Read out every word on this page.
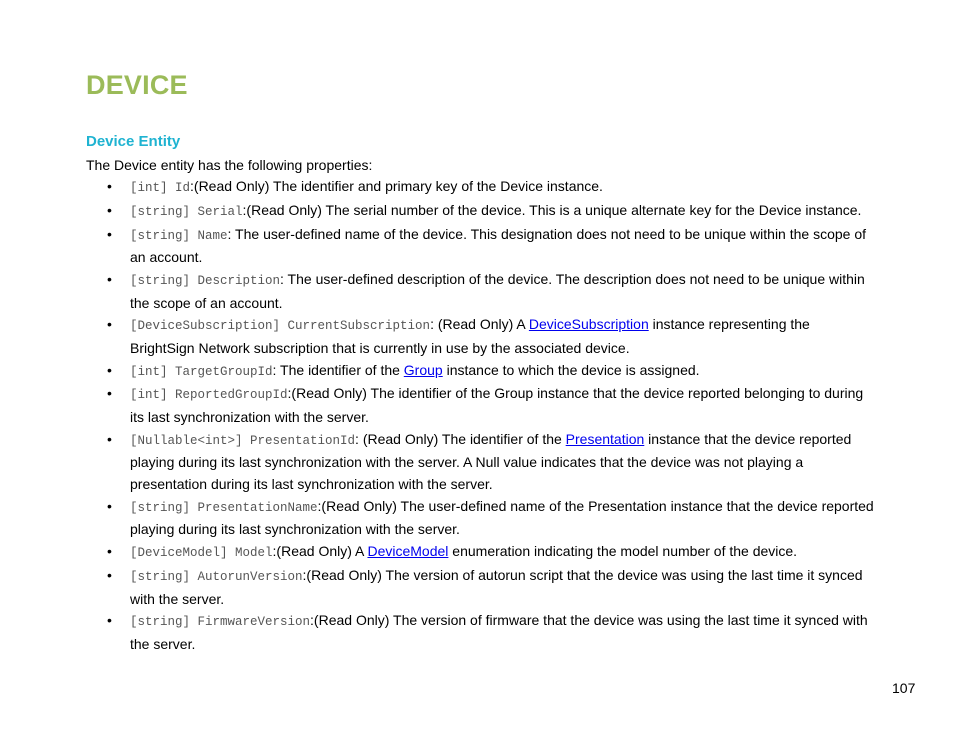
DEVICE
Device Entity

The Device entity has the following properties:

• [int] Id:(Read Only) The identifier and primary key of the Device instance.
• [string] Serial:(Read Only) The serial number of the device. This is a unique alternate key for the Device instance.
• [string] Name: The user-defined name of the device. This designation does not need to be unique within the scope of an account.
• [string] Description: The user-defined description of the device. The description does not need to be unique within the scope of an account.
• [DeviceSubscription] CurrentSubscription: (Read Only) A DeviceSubscription instance representing the BrightSign Network subscription that is currently in use by the associated device.
• [int] TargetGroupId: The identifier of the Group instance to which the device is assigned.
• [int] ReportedGroupId:(Read Only) The identifier of the Group instance that the device reported belonging to during its last synchronization with the server.
• [Nullable<int>] PresentationId: (Read Only) The identifier of the Presentation instance that the device reported playing during its last synchronization with the server. A Null value indicates that the device was not playing a presentation during its last synchronization with the server.
• [string] PresentationName:(Read Only) The user-defined name of the Presentation instance that the device reported playing during its last synchronization with the server.
• [DeviceModel] Model:(Read Only) A DeviceModel enumeration indicating the model number of the device.
• [string] AutorunVersion:(Read Only) The version of autorun script that the device was using the last time it synced with the server.
• [string] FirmwareVersion:(Read Only) The version of firmware that the device was using the last time it synced with the server.
107
